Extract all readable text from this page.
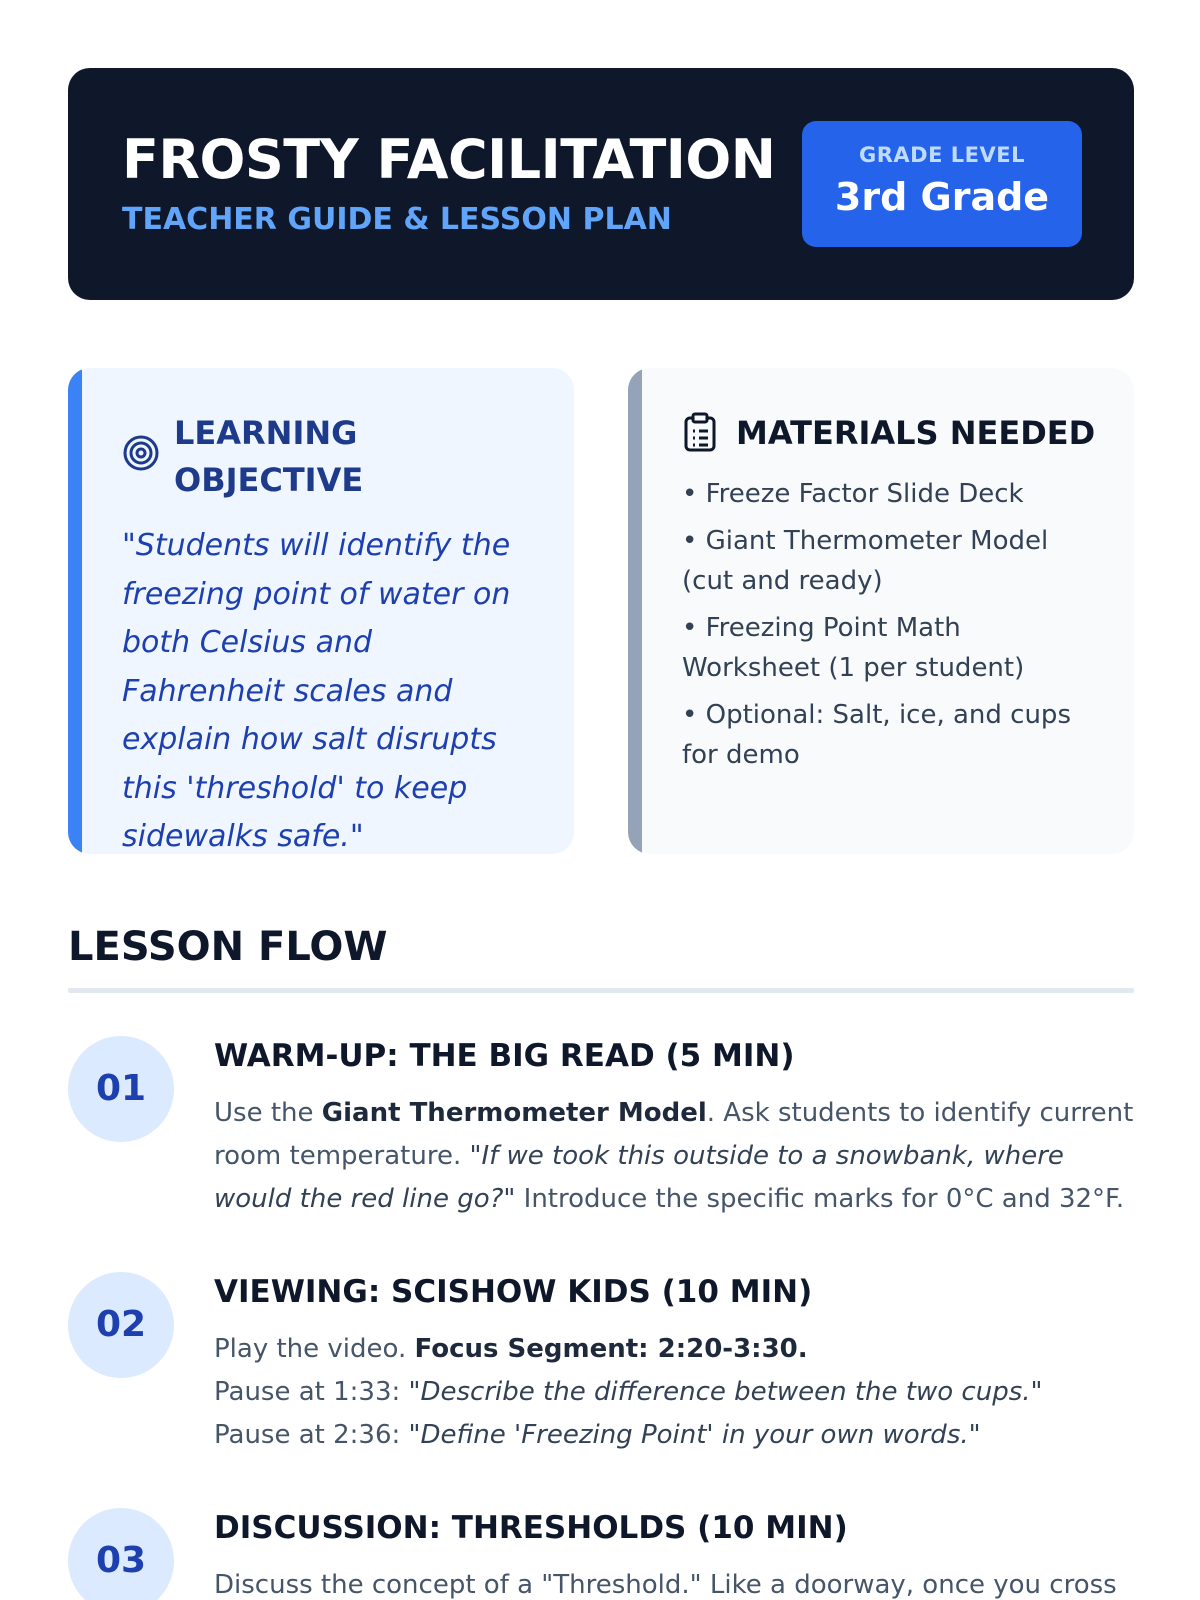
FROSTY FACILITATION
TEACHER GUIDE & LESSON PLAN
GRADE LEVEL
3rd Grade
LEARNING OBJECTIVE
"Students will identify the freezing point of water on both Celsius and Fahrenheit scales and explain how salt disrupts this 'threshold' to keep sidewalks safe."
MATERIALS NEEDED
• Freeze Factor Slide Deck
• Giant Thermometer Model (cut and ready)
• Freezing Point Math Worksheet (1 per student)
• Optional: Salt, ice, and cups for demo
LESSON FLOW
01
WARM-UP: THE BIG READ (5 MIN)
Use the Giant Thermometer Model. Ask students to identify current room temperature. "If we took this outside to a snowbank, where would the red line go?" Introduce the specific marks for 0°C and 32°F.
02
VIEWING: SCISHOW KIDS (10 MIN)
Play the video. Focus Segment: 2:20-3:30.
Pause at 1:33: "Describe the difference between the two cups."
Pause at 2:36: "Define 'Freezing Point' in your own words."
03
DISCUSSION: THRESHOLDS (10 MIN)
Discuss the concept of a "Threshold." Like a doorway, once you cross
